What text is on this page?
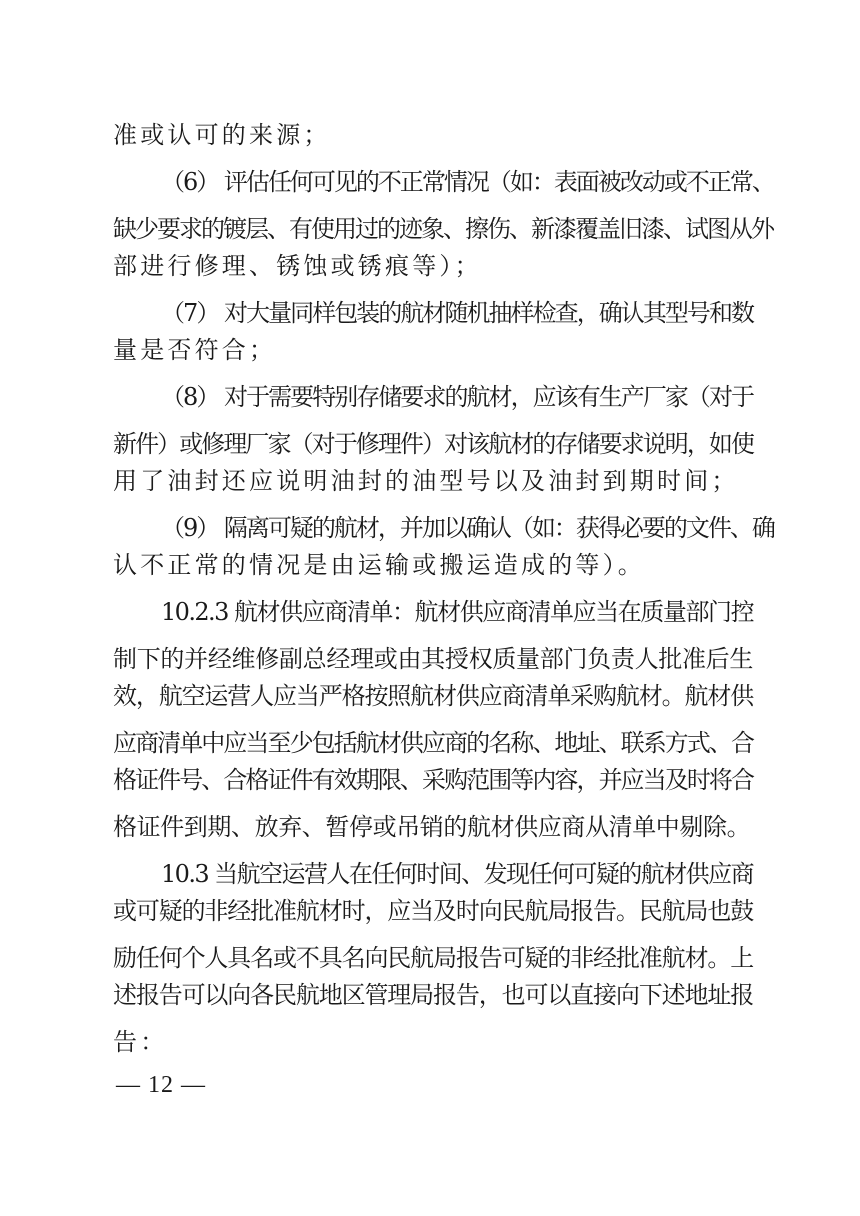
准或认可的来源；
（6） 评估任何可见的不正常情况（如：表面被改动或不正常、
缺少要求的镀层、有使用过的迹象、擦伤、新漆覆盖旧漆、试图从外
部进行修理、锈蚀或锈痕等）；
（7） 对大量同样包装的航材随机抽样检查，确认其型号和数
量是否符合；
（8） 对于需要特别存储要求的航材，应该有生产厂家（对于
新件）或修理厂家（对于修理件）对该航材的存储要求说明，如使
用了油封还应说明油封的油型号以及油封到期时间；
（9） 隔离可疑的航材，并加以确认（如：获得必要的文件、确
认不正常的情况是由运输或搬运造成的等）。
10.2.3 航材供应商清单：航材供应商清单应当在质量部门控
制下的并经维修副总经理或由其授权质量部门负责人批准后生
效，航空运营人应当严格按照航材供应商清单采购航材。航材供
应商清单中应当至少包括航材供应商的名称、地址、联系方式、合
格证件号、合格证件有效期限、采购范围等内容，并应当及时将合
格证件到期、放弃、暂停或吊销的航材供应商从清单中剔除。
10.3 当航空运营人在任何时间、发现任何可疑的航材供应商
或可疑的非经批准航材时，应当及时向民航局报告。民航局也鼓
励任何个人具名或不具名向民航局报告可疑的非经批准航材。上
述报告可以向各民航地区管理局报告，也可以直接向下述地址报
告：
— 12 —
